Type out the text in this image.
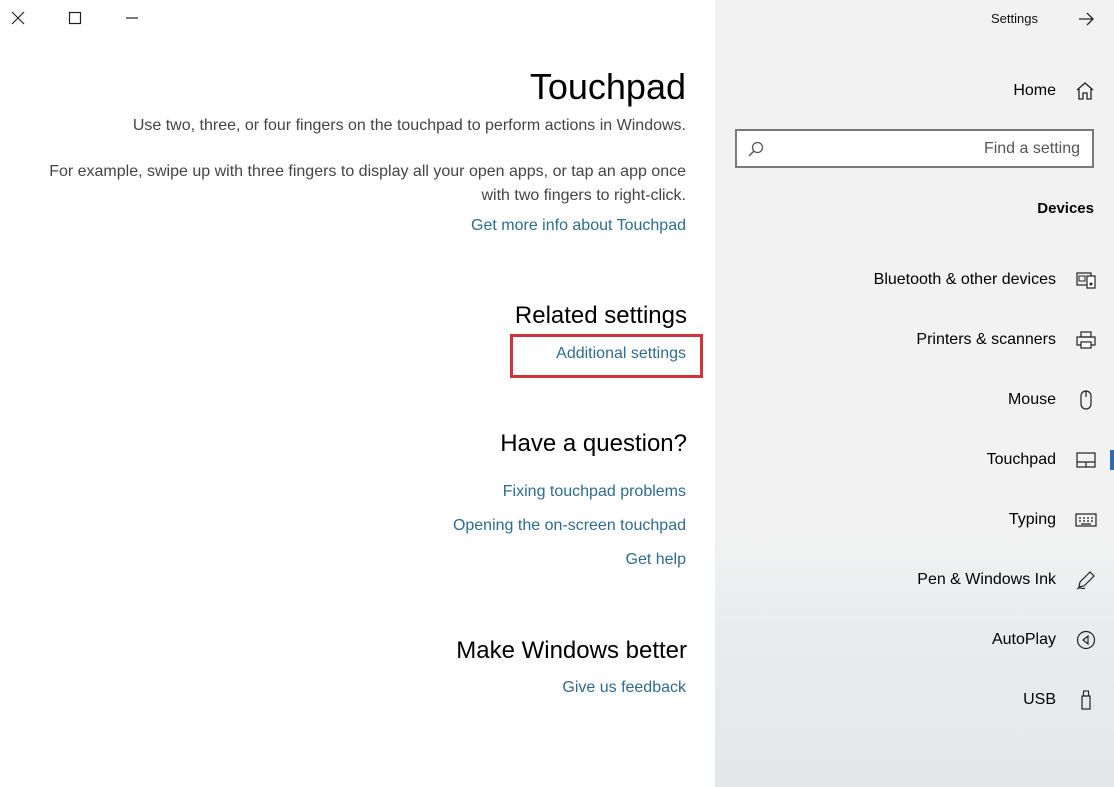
Touchpad
Use two, three, or four fingers on the touchpad to perform actions in Windows.
For example, swipe up with three fingers to display all your open apps, or tap an app once with two fingers to right-click.
Get more info about Touchpad
Related settings
Additional settings
Have a question?
Fixing touchpad problems
Opening the on-screen touchpad
Get help
Make Windows better
Give us feedback
Settings
Home
Find a setting
Devices
Bluetooth & other devices
Printers & scanners
Mouse
Touchpad
Typing
Pen & Windows Ink
AutoPlay
USB
